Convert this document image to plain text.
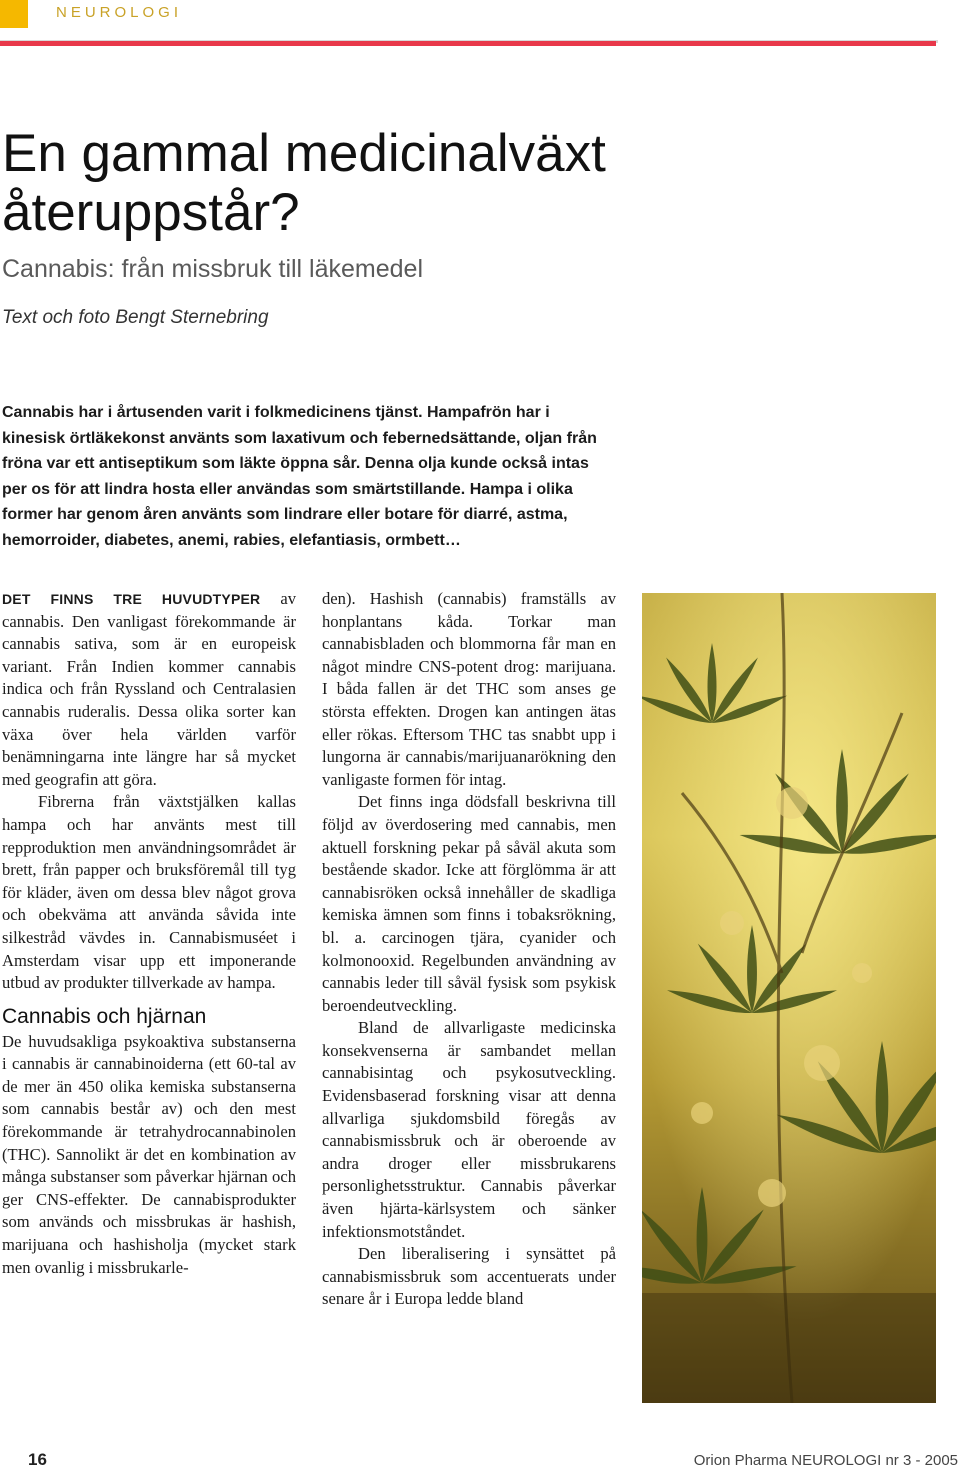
NEUROLOGI

En gammal medicinalväxt återuppstår?

Cannabis: från missbruk till läkemedel

Text och foto Bengt Sternebring

Cannabis har i årtusenden varit i folkmedicinens tjänst. Hampafrön har i kinesisk örtläkekonst använts som laxativum och febernedsättande, oljan från fröna var ett antiseptikum som läkte öppna sår. Denna olja kunde också intas per os för att lindra hosta eller användas som smärtstillande. Hampa i olika former har genom åren använts som lindrare eller botare för diarré, astma, hemorroider, diabetes, anemi, rabies, elefantiasis, ormbett…

DET FINNS TRE HUVUDTYPER av cannabis. Den vanligast förekommande är cannabis sativa, som är en europeisk variant. Från Indien kommer cannabis indica och från Ryssland och Centralasien cannabis ruderalis. Dessa olika sorter kan växa över hela världen varför benämningarna inte längre har så mycket med geografin att göra.

Fibrerna från växtstjälken kallas hampa och har använts mest till repproduktion men användningsområdet är brett, från papper och bruksföremål till tyg för kläder, även om dessa blev något grova och obekväma att använda såvida inte silkestråd vävdes in. Cannabismuséet i Amsterdam visar upp ett imponerande utbud av produkter tillverkade av hampa.

Cannabis och hjärnan

De huvudsakliga psykoaktiva substanserna i cannabis är cannabinoiderna (ett 60-tal av de mer än 450 olika kemiska substanserna som cannabis består av) och den mest förekommande är tetrahydrocannabinolen (THC). Sannolikt är det en kombination av många substanser som påverkar hjärnan och ger CNS-effekter. De cannabisprodukter som används och missbrukas är hashish, marijuana och hashisholja (mycket stark men ovanlig i missbrukarle-

den). Hashish (cannabis) framställs av honplantans kåda. Torkar man cannabisbladen och blommorna får man en något mindre CNS-potent drog: marijuana. I båda fallen är det THC som anses ge största effekten. Drogen kan antingen ätas eller rökas. Eftersom THC tas snabbt upp i lungorna är cannabis/marijuanarökning den vanligaste formen för intag.

Det finns inga dödsfall beskrivna till följd av överdosering med cannabis, men aktuell forskning pekar på såväl akuta som bestående skador. Icke att förglömma är att cannabisröken också innehåller de skadliga kemiska ämnen som finns i tobaksrökning, bl. a. carcinogen tjära, cyanider och kolmonooxid. Regelbunden användning av cannabis leder till såväl fysisk som psykisk beroendeutveckling.

Bland de allvarligaste medicinska konsekvenserna är sambandet mellan cannabisintag och psykosutveckling. Evidensbaserad forskning visar att denna allvarliga sjukdomsbild föregås av cannabismissbruk och är oberoende av andra droger eller missbrukarens personlighetsstruktur. Cannabis påverkar även hjärta-kärlsystem och sänker infektionsmotståndet.

Den liberalisering i synsättet på cannabismissbruk som accentuerats under senare år i Europa ledde bland

16	Orion Pharma NEUROLOGI nr 3 - 2005
